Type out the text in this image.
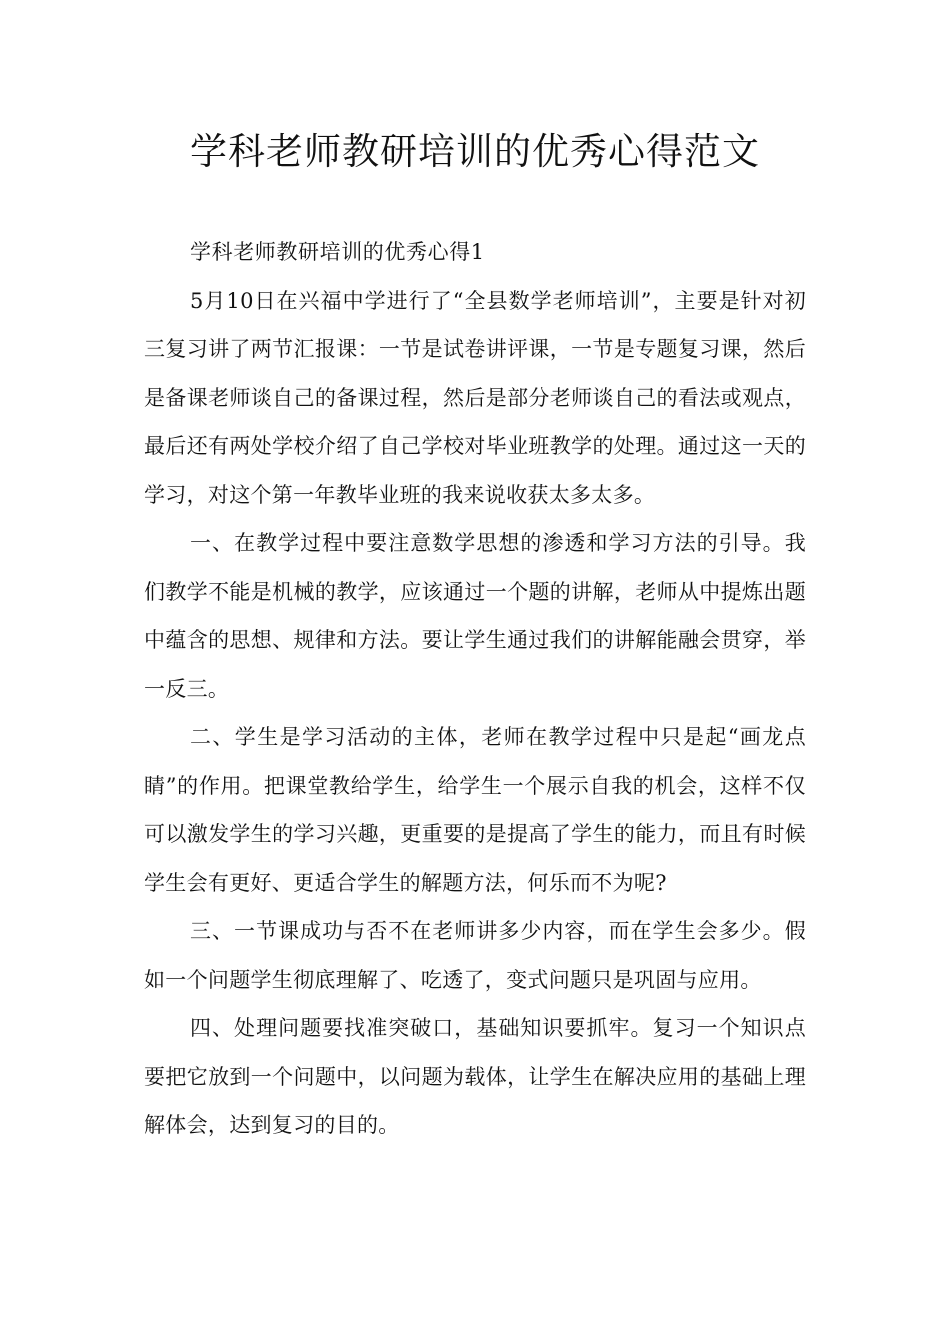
学科老师教研培训的优秀心得范文

学科老师教研培训的优秀心得1

5月10日在兴福中学进行了“全县数学老师培训”，主要是针对初三复习讲了两节汇报课：一节是试卷讲评课，一节是专题复习课，然后是备课老师谈自己的备课过程，然后是部分老师谈自己的看法或观点，最后还有两处学校介绍了自己学校对毕业班教学的处理。通过这一天的学习，对这个第一年教毕业班的我来说收获太多太多。

一、在教学过程中要注意数学思想的渗透和学习方法的引导。我们教学不能是机械的教学，应该通过一个题的讲解，老师从中提炼出题中蕴含的思想、规律和方法。要让学生通过我们的讲解能融会贯穿，举一反三。

二、学生是学习活动的主体，老师在教学过程中只是起“画龙点睛”的作用。把课堂教给学生，给学生一个展示自我的机会，这样不仅可以激发学生的学习兴趣，更重要的是提高了学生的能力，而且有时候学生会有更好、更适合学生的解题方法，何乐而不为呢?

三、一节课成功与否不在老师讲多少内容，而在学生会多少。假如一个问题学生彻底理解了、吃透了，变式问题只是巩固与应用。

四、处理问题要找准突破口，基础知识要抓牢。复习一个知识点要把它放到一个问题中，以问题为载体，让学生在解决应用的基础上理解体会，达到复习的目的。
